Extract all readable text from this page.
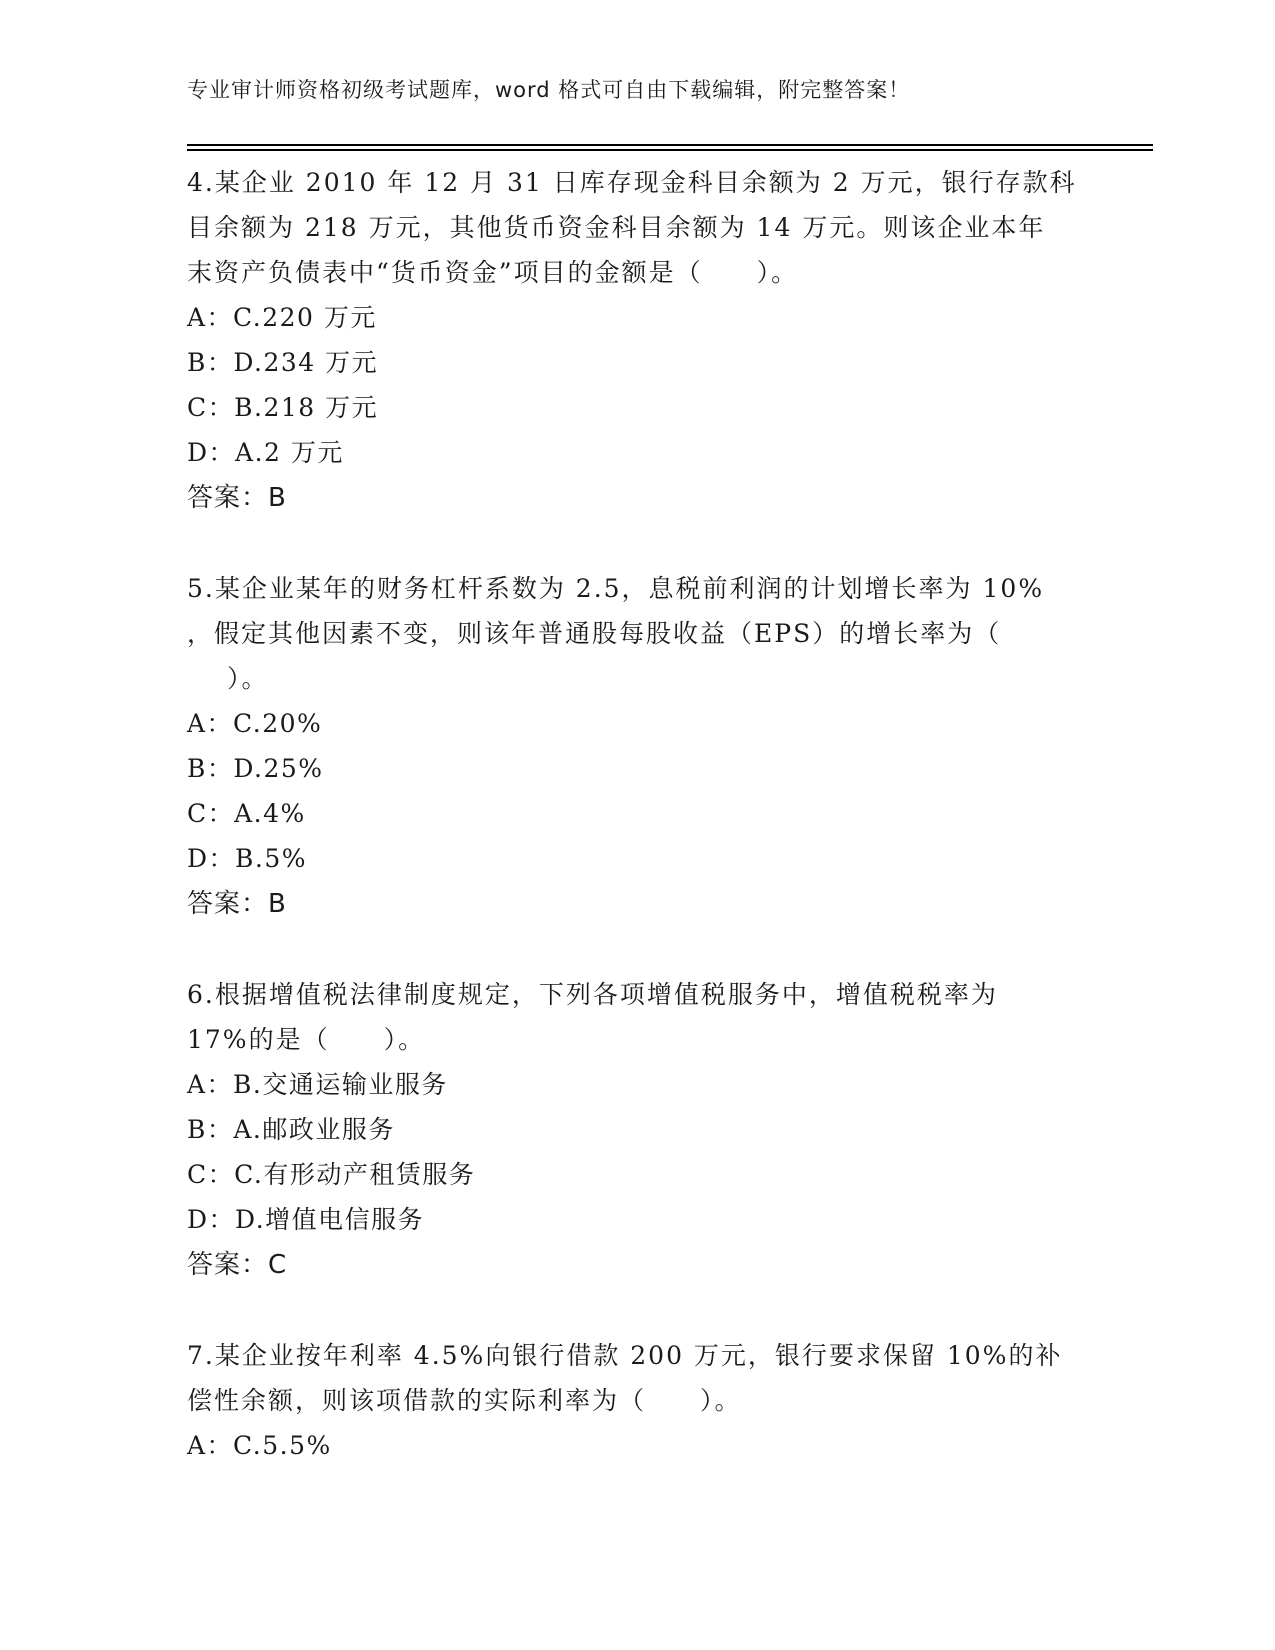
专业审计师资格初级考试题库，word 格式可自由下载编辑，附完整答案！
4.某企业 2010 年 12 月 31 日库存现金科目余额为 2 万元，银行存款科
目余额为 218 万元，其他货币资金科目余额为 14 万元。则该企业本年
末资产负债表中“货币资金”项目的金额是（　　）。
A：C.220 万元
B：D.234 万元
C：B.218 万元
D：A.2 万元
答案：B
5.某企业某年的财务杠杆系数为 2.5，息税前利润的计划增长率为 10%
，假定其他因素不变，则该年普通股每股收益（EPS）的增长率为（
）。
A：C.20%
B：D.25%
C：A.4%
D：B.5%
答案：B
6.根据增值税法律制度规定，下列各项增值税服务中，增值税税率为
17%的是（　　）。
A：B.交通运输业服务
B：A.邮政业服务
C：C.有形动产租赁服务
D：D.增值电信服务
答案：C
7.某企业按年利率 4.5%向银行借款 200 万元，银行要求保留 10%的补
偿性余额，则该项借款的实际利率为（　　）。
A：C.5.5%
